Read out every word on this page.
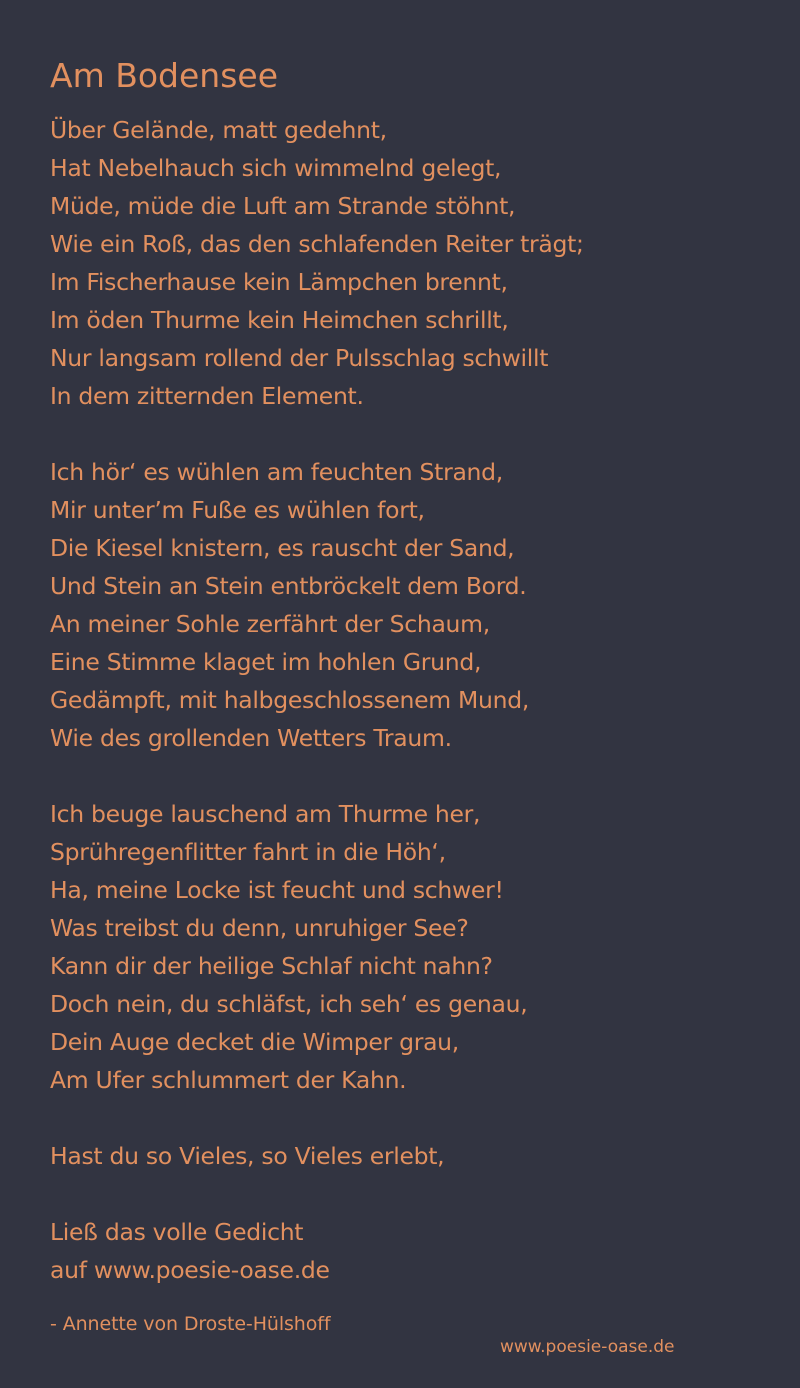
Am Bodensee
Über Gelände, matt gedehnt,
Hat Nebelhauch sich wimmelnd gelegt,
Müde, müde die Luft am Strande stöhnt,
Wie ein Roß, das den schlafenden Reiter trägt;
Im Fischerhause kein Lämpchen brennt,
Im öden Thurme kein Heimchen schrillt,
Nur langsam rollend der Pulsschlag schwillt
In dem zitternden Element.
Ich hör‘ es wühlen am feuchten Strand,
Mir unter’m Fuße es wühlen fort,
Die Kiesel knistern, es rauscht der Sand,
Und Stein an Stein entbröckelt dem Bord.
An meiner Sohle zerfährt der Schaum,
Eine Stimme klaget im hohlen Grund,
Gedämpft, mit halbgeschlossenem Mund,
Wie des grollenden Wetters Traum.
Ich beuge lauschend am Thurme her,
Sprühregenflitter fahrt in die Höh‘,
Ha, meine Locke ist feucht und schwer!
Was treibst du denn, unruhiger See?
Kann dir der heilige Schlaf nicht nahn?
Doch nein, du schläfst, ich seh‘ es genau,
Dein Auge decket die Wimper grau,
Am Ufer schlummert der Kahn.
Hast du so Vieles, so Vieles erlebt,
Ließ das volle Gedicht
auf www.poesie-oase.de
- Annette von Droste-Hülshoff
www.poesie-oase.de
